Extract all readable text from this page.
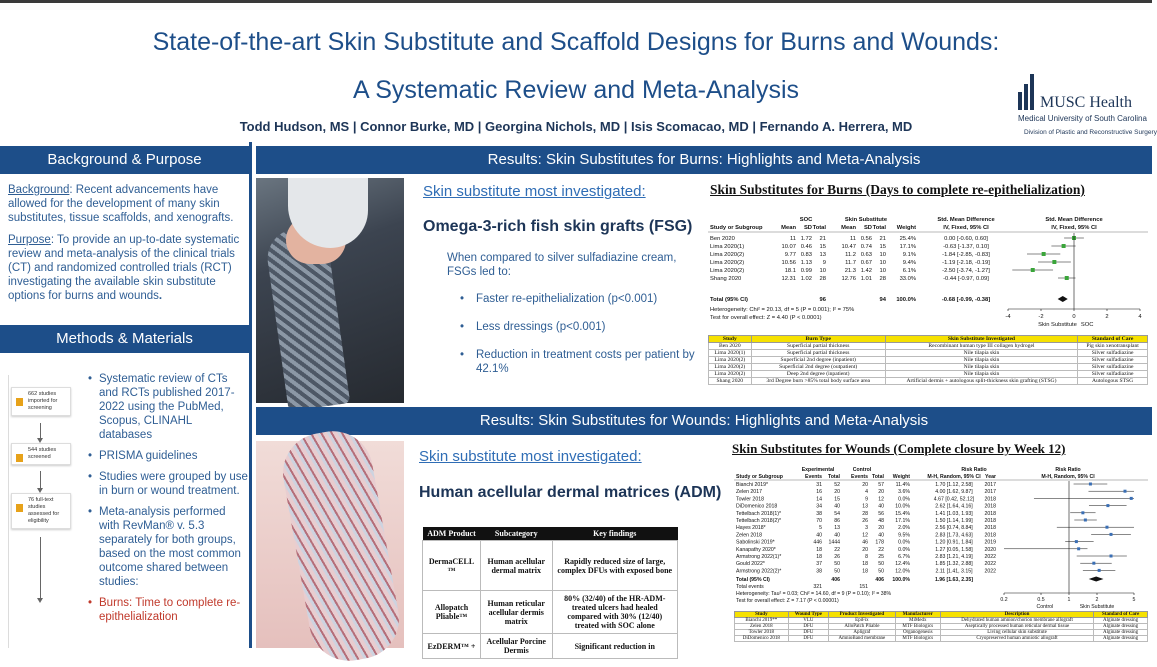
State-of-the-art Skin Substitute and Scaffold Designs for Burns and Wounds:
A Systematic Review and Meta-Analysis
Todd Hudson, MS | Connor Burke, MD | Georgina Nichols, MD | Isis Scomacao, MD | Fernando A. Herrera, MD
MUSC Health
Medical University of South Carolina
Division of Plastic and Reconstructive Surgery
Background & Purpose

Background: Recent advancements have allowed for the development of many skin substitutes, tissue scaffolds, and xenografts.

Purpose: To provide an up-to-date systematic review and meta-analysis of the clinical trials (CT) and randomized controlled trials (RCT) investigating the available skin substitute options for burns and wounds.

Methods & Materials
662 studies imported for screening
544 studies screened
76 full-text studies assessed for eligibility
• Systematic review of CTs and RCTs published 2017-2022 using the PubMed, Scopus, CLINAHL databases
• PRISMA guidelines
• Studies were grouped by use in burn or wound treatment.
• Meta-analysis performed with RevMan® v. 5.3 separately for both groups, based on the most common outcome shared between studies:
• Burns: Time to complete re-epithelialization
Results: Skin Substitutes for Burns: Highlights and Meta-Analysis
Skin substitute most investigated:
Omega-3-rich fish skin grafts (FSG)
When compared to silver sulfadiazine cream, FSGs led to:
• Faster re-epithelialization (p<0.001)
• Less dressings (p<0.001)
• Reduction in treatment costs per patient by 42.1%
Skin Substitutes for Burns (Days to complete re-epithelialization)
SOC	Skin Substitute	Std. Mean Difference	Std. Mean Difference
Study or Subgroup	Mean SD Total	Mean SD Total Weight	IV, Fixed, 95% CI	IV, Fixed, 95% CI
Ben 2020	11 1.72 21	11 0.56 21 25.4%	0.00 [-0.60, 0.60]
Lima 2020(1)	10.07 0.46 15	10.47 0.74 15 17.1%	-0.63 [-1.37, 0.10]
Lima 2020(2)	9.77 0.83 13	11.2 0.63 10	9.1%	-1.84 [-2.85, -0.83]
Lima 2020(2)	10.56 1.13 9	11.7 0.67 10	9.4%	-1.19 [-2.18, -0.19]
Lima 2020(2)	18.1 0.99 10	21.3 1.42 10	6.1%	-2.50 [-3.74, -1.27]
Shang 2020	12.31 1.02 28	12.76 1.01 28 33.0%	-0.44 [-0.97, 0.09]
Total (95% CI)	96	94 100.0%	-0.68 [-0.99, -0.38]
Heterogeneity: Chi² = 20.13, df = 5 (P = 0.001); I² = 75%
Test for overall effect: Z = 4.40 (P < 0.0001)	-4	-2	0	2	4
Skin Substitute SOC
Study	Burn Type	Skin Substitute Investigated	Standard of Care
Ben 2020	Superficial partial thickness	Recombinant human type III collagen hydrogel	Pig skin xenotransplant
Lima 2020(1)	Superficial partial thickness	Nile tilapia skin	Silver sulfadiazine
Lima 2020(2)	Superficial 2nd degree (inpatient)	Nile tilapia skin	Silver sulfadiazine
Lima 2020(2)	Superficial 2nd degree (outpatient)	Nile tilapia skin	Silver sulfadiazine
Lima 2020(2)	Deep 2nd degree (inpatient)	Nile tilapia skin	Silver sulfadiazine
Shang 2020	3rd Degree burn >85% total body surface area	Artificial dermis + autologous split-thickness skin grafting (STSG)	Autologous STSG
Results: Skin Substitutes for Wounds: Highlights and Meta-Analysis
Skin substitute most investigated:
Human acellular dermal matrices (ADM)
ADM Product	Subcategory	Key findings
DermaCELL ™	Human acellular dermal matrix	Rapidly reduced size of large, complex DFUs with exposed bone
Allopatch Pliable™	Human reticular acellular dermis matrix	80% (32/40) of the HR-ADM-treated ulcers had healed compared with 30% (12/40) treated with SOC alone
EzDERM™ +	Acellular Porcine Dermis	Significant reduction in
Skin Substitutes for Wounds (Complete closure by Week 12)
Experimental	Control	Risk Ratio	Risk Ratio
Study or Subgroup	Events Total Events Total Weight	M-H, Random, 95% CI Year	M-H, Random, 95% CI
Bianchi 2019*	31 52	20 57 11.4%	1.70 [1.12, 2.58] 2017
Zelen 2017	16 20	4 20	3.6%	4.00 [1.62, 9.87] 2017
Towler 2018	14 15	9 12	0.0%	4.67 [0.42, 52.12] 2018
DiDomenico 2018	34 40	13 40 10.0%	2.62 [1.64, 4.16] 2018
Tettelbach 2018(1)*	38 54	28 56 15.4%	1.41 [1.03, 1.93] 2018
Tettelbach 2018(2)*	70 86	26 48 17.1%	1.50 [1.14, 1.99] 2018
Hayes 2018*	5 13	3 20	2.0%	2.56 [0.74, 8.84] 2018
Zelen 2018	40 40	12 40	9.5%	2.83 [1.73, 4.63] 2018
Sabolinski 2019*	446 1444	46 178	0.0%	1.20 [0.91, 1.84] 2019
Kanapathy 2020*	18 22	20 22	0.0%	1.27 [0.05, 1.58] 2020
Armstrong 2022(1)*	18 26	8 25	6.7%	2.83 [1.21, 4.19] 2022
Gould 2022*	37 50	18 50 12.4%	1.85 [1.32, 2.88] 2022
Armstrong 2022(2)*	38 50	18 50 12.0%	2.11 [1.41, 3.15] 2022
Total (95% CI)	406	406 100.0%	1.96 [1.63, 2.35]
Total events	321	151
Heterogeneity: Tau² = 0.03; Chi² = 14.60, df = 9 (P = 0.10); I² = 38%
Test for overall effect: Z = 7.17 (P < 0.00001)	0.2	0.5	1	2	5
Control	Skin Substitute
Study	Wound Type	Product Investigated	Manufacturer	Description	Standard of Care
Bianchi 2019**	VLU	EpiFix	MiMedx	Dehydrated human amnion/chorion membrane allograft	Alginate dressing
Zelen 2018	DFU	AlloPatch Pliable	MTF Biologics	Aseptically processed human reticular dermal tissue	Alginate dressing
Towler 2018	DFU	Apligraf	Organogenesis	Living cellular skin substitute	Alginate dressing
DiDomenico 2018	DFU	AmnioBand membrane	MTF Biologics	Cryopreserved human amniotic allograft	Alginate dressing
